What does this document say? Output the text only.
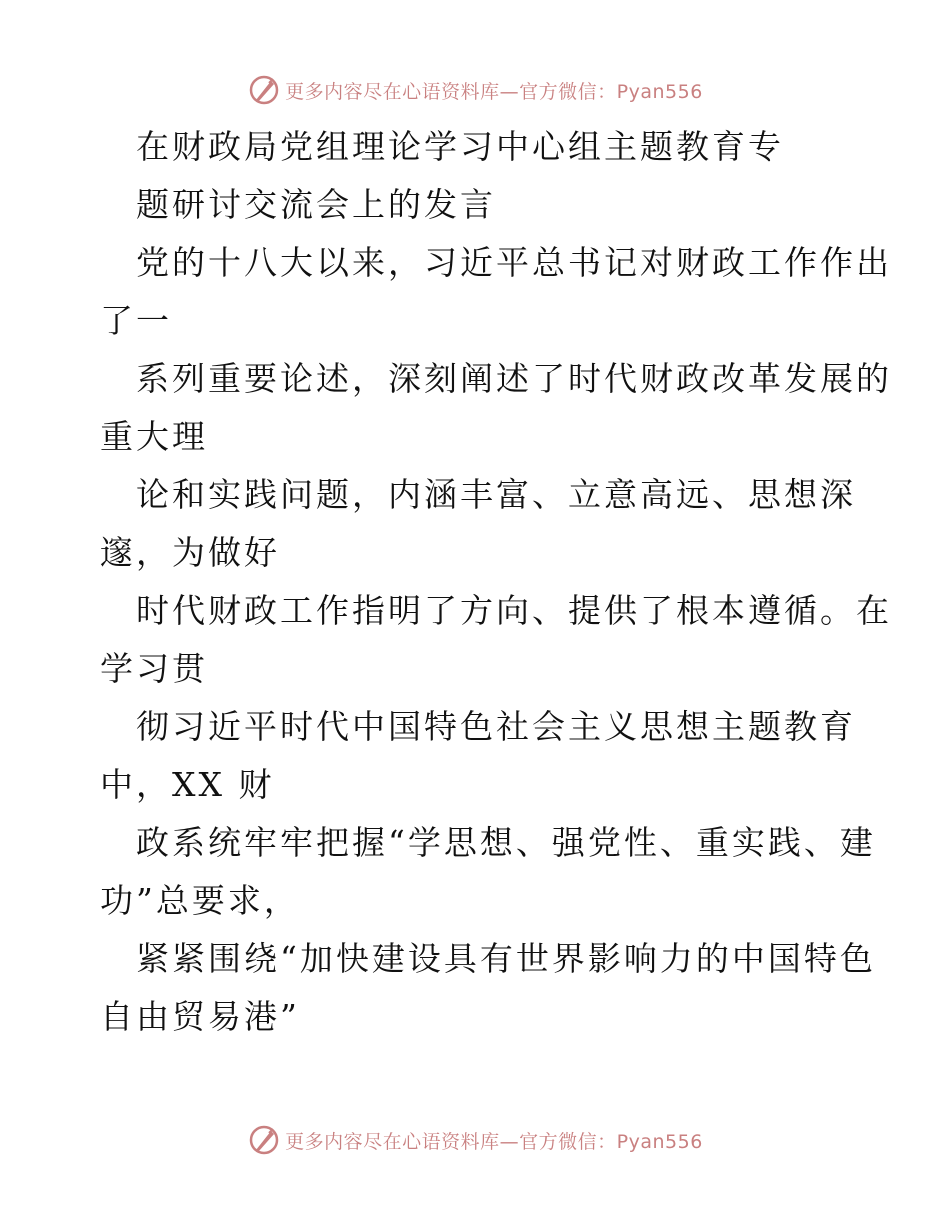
更多内容尽在心语资料库—官方微信：Pyan556
在财政局党组理论学习中心组主题教育专
题研讨交流会上的发言
党的十八大以来，习近平总书记对财政工作作出
了一
系列重要论述，深刻阐述了时代财政改革发展的
重大理
论和实践问题，内涵丰富、立意高远、思想深
邃，为做好
时代财政工作指明了方向、提供了根本遵循。在
学习贯
彻习近平时代中国特色社会主义思想主题教育
中，XX 财
政系统牢牢把握“学思想、强党性、重实践、建
功”总要求，
紧紧围绕“加快建设具有世界影响力的中国特色
自由贸易港”
更多内容尽在心语资料库—官方微信：Pyan556
